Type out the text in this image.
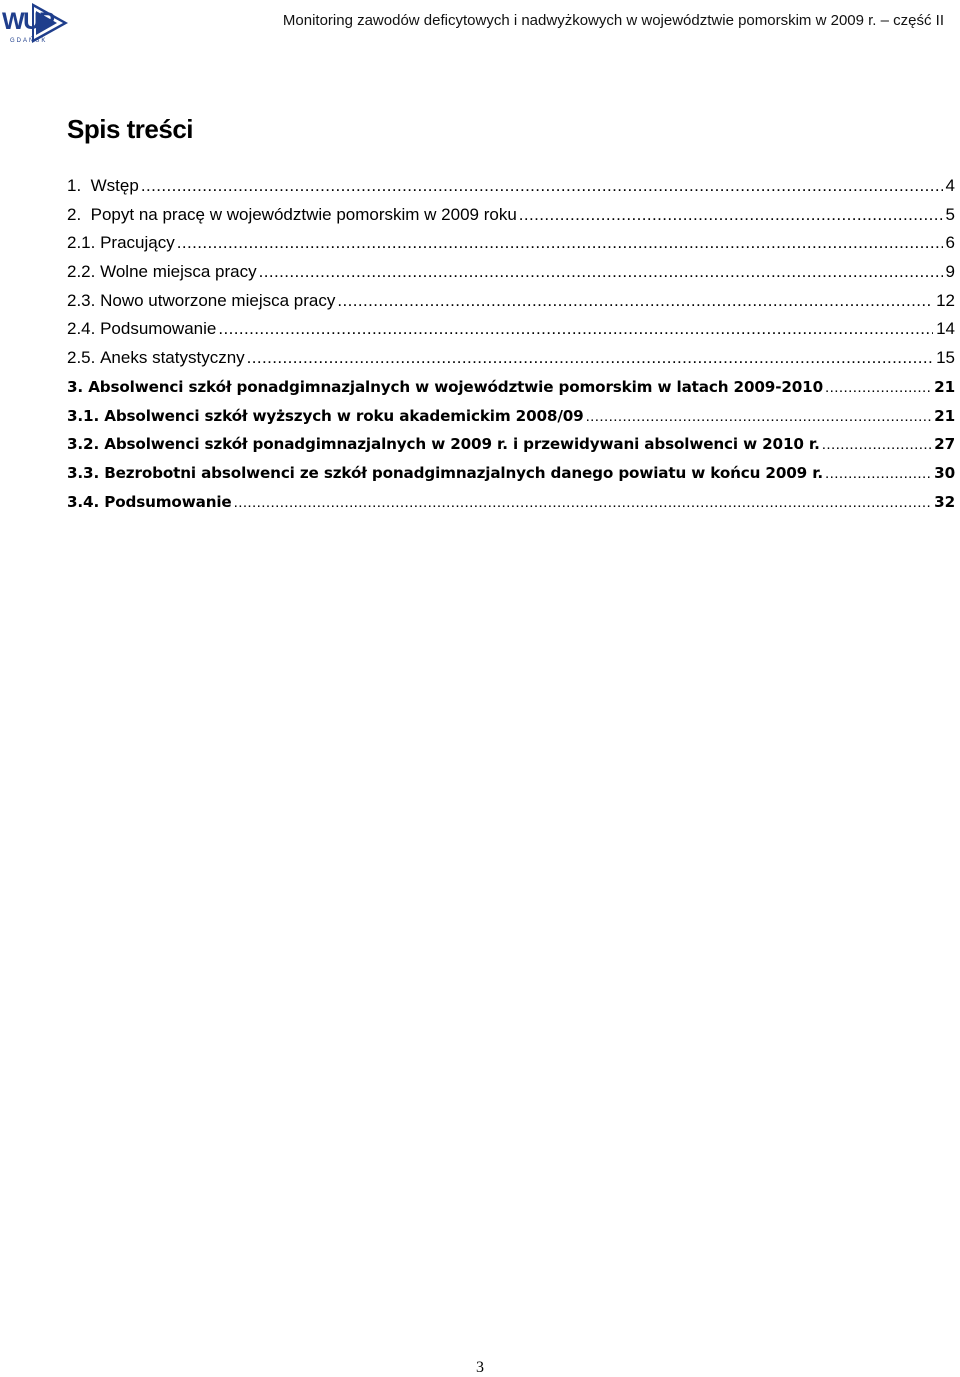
WUP
GDAŃSK
Monitoring zawodów deficytowych i nadwyżkowych w województwie pomorskim w 2009 r. – część II
Spis treści
1. Wstęp .....	4
2. Popyt na pracę w województwie pomorskim w 2009 roku .....	5
2.1. Pracujący .....	6
2.2. Wolne miejsca pracy .....	9
2.3. Nowo utworzone miejsca pracy .....	12
2.4. Podsumowanie .....	14
2.5. Aneks statystyczny .....	15
3. Absolwenci szkół ponadgimnazjalnych w województwie pomorskim w latach 2009-2010 .....	21
3.1. Absolwenci szkół wyższych w roku akademickim 2008/09 .....	21
3.2. Absolwenci szkół ponadgimnazjalnych w 2009 r. i przewidywani absolwenci w 2010 r. .....	27
3.3. Bezrobotni absolwenci ze szkół ponadgimnazjalnych danego powiatu w końcu 2009 r. .....	30
3.4. Podsumowanie .....	32
3
